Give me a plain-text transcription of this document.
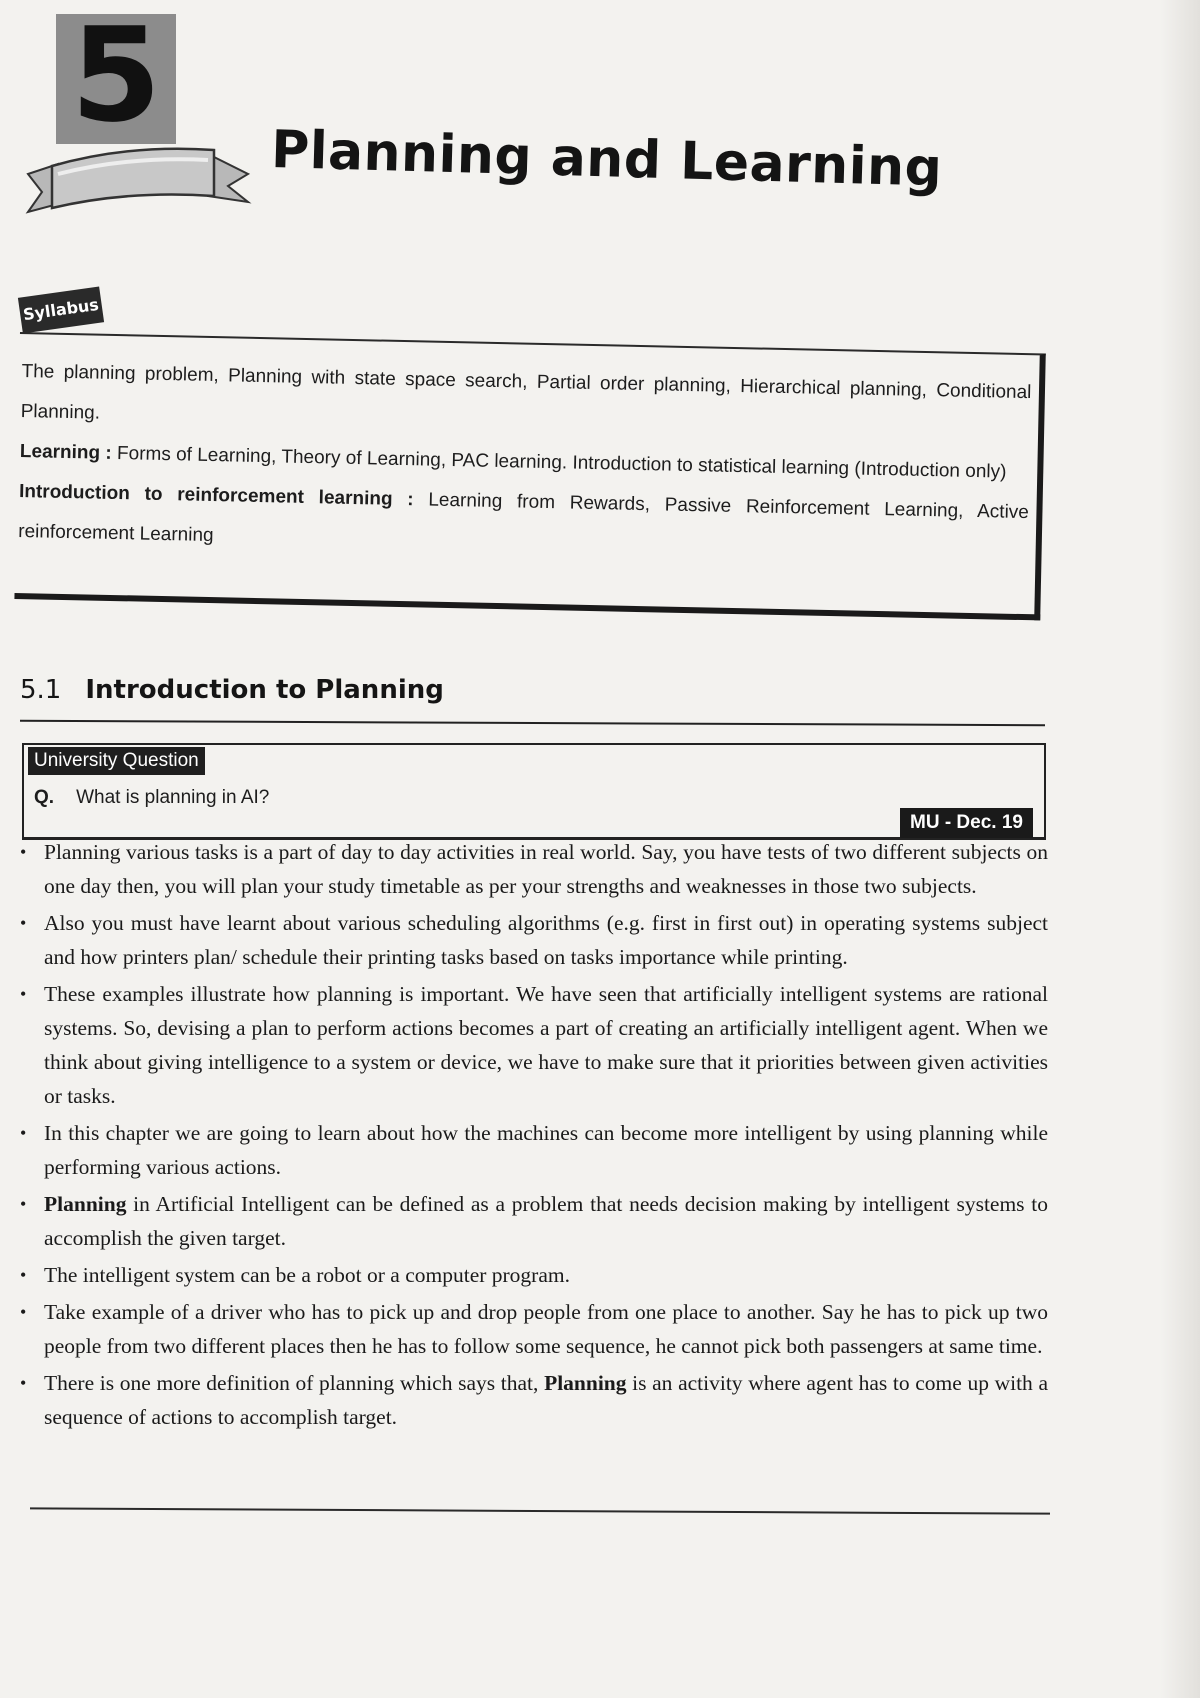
5
Planning and Learning
Syllabus

The planning problem, Planning with state space search, Partial order planning, Hierarchical planning, Conditional Planning.

Learning : Forms of Learning, Theory of Learning, PAC learning. Introduction to statistical learning (Introduction only)

Introduction to reinforcement learning : Learning from Rewards, Passive Reinforcement Learning, Active reinforcement Learning

5.1 Introduction to Planning
University Question
Q. What is planning in AI?
MU - Dec. 19
• Planning various tasks is a part of day to day activities in real world. Say, you have tests of two different subjects on one day then, you will plan your study timetable as per your strengths and weaknesses in those two subjects.
• Also you must have learnt about various scheduling algorithms (e.g. first in first out) in operating systems subject and how printers plan/ schedule their printing tasks based on tasks importance while printing.
• These examples illustrate how planning is important. We have seen that artificially intelligent systems are rational systems. So, devising a plan to perform actions becomes a part of creating an artificially intelligent agent. When we think about giving intelligence to a system or device, we have to make sure that it priorities between given activities or tasks.
• In this chapter we are going to learn about how the machines can become more intelligent by using planning while performing various actions.
• Planning in Artificial Intelligent can be defined as a problem that needs decision making by intelligent systems to accomplish the given target.
• The intelligent system can be a robot or a computer program.
• Take example of a driver who has to pick up and drop people from one place to another. Say he has to pick up two people from two different places then he has to follow some sequence, he cannot pick both passengers at same time.
• There is one more definition of planning which says that, Planning is an activity where agent has to come up with a sequence of actions to accomplish target.
